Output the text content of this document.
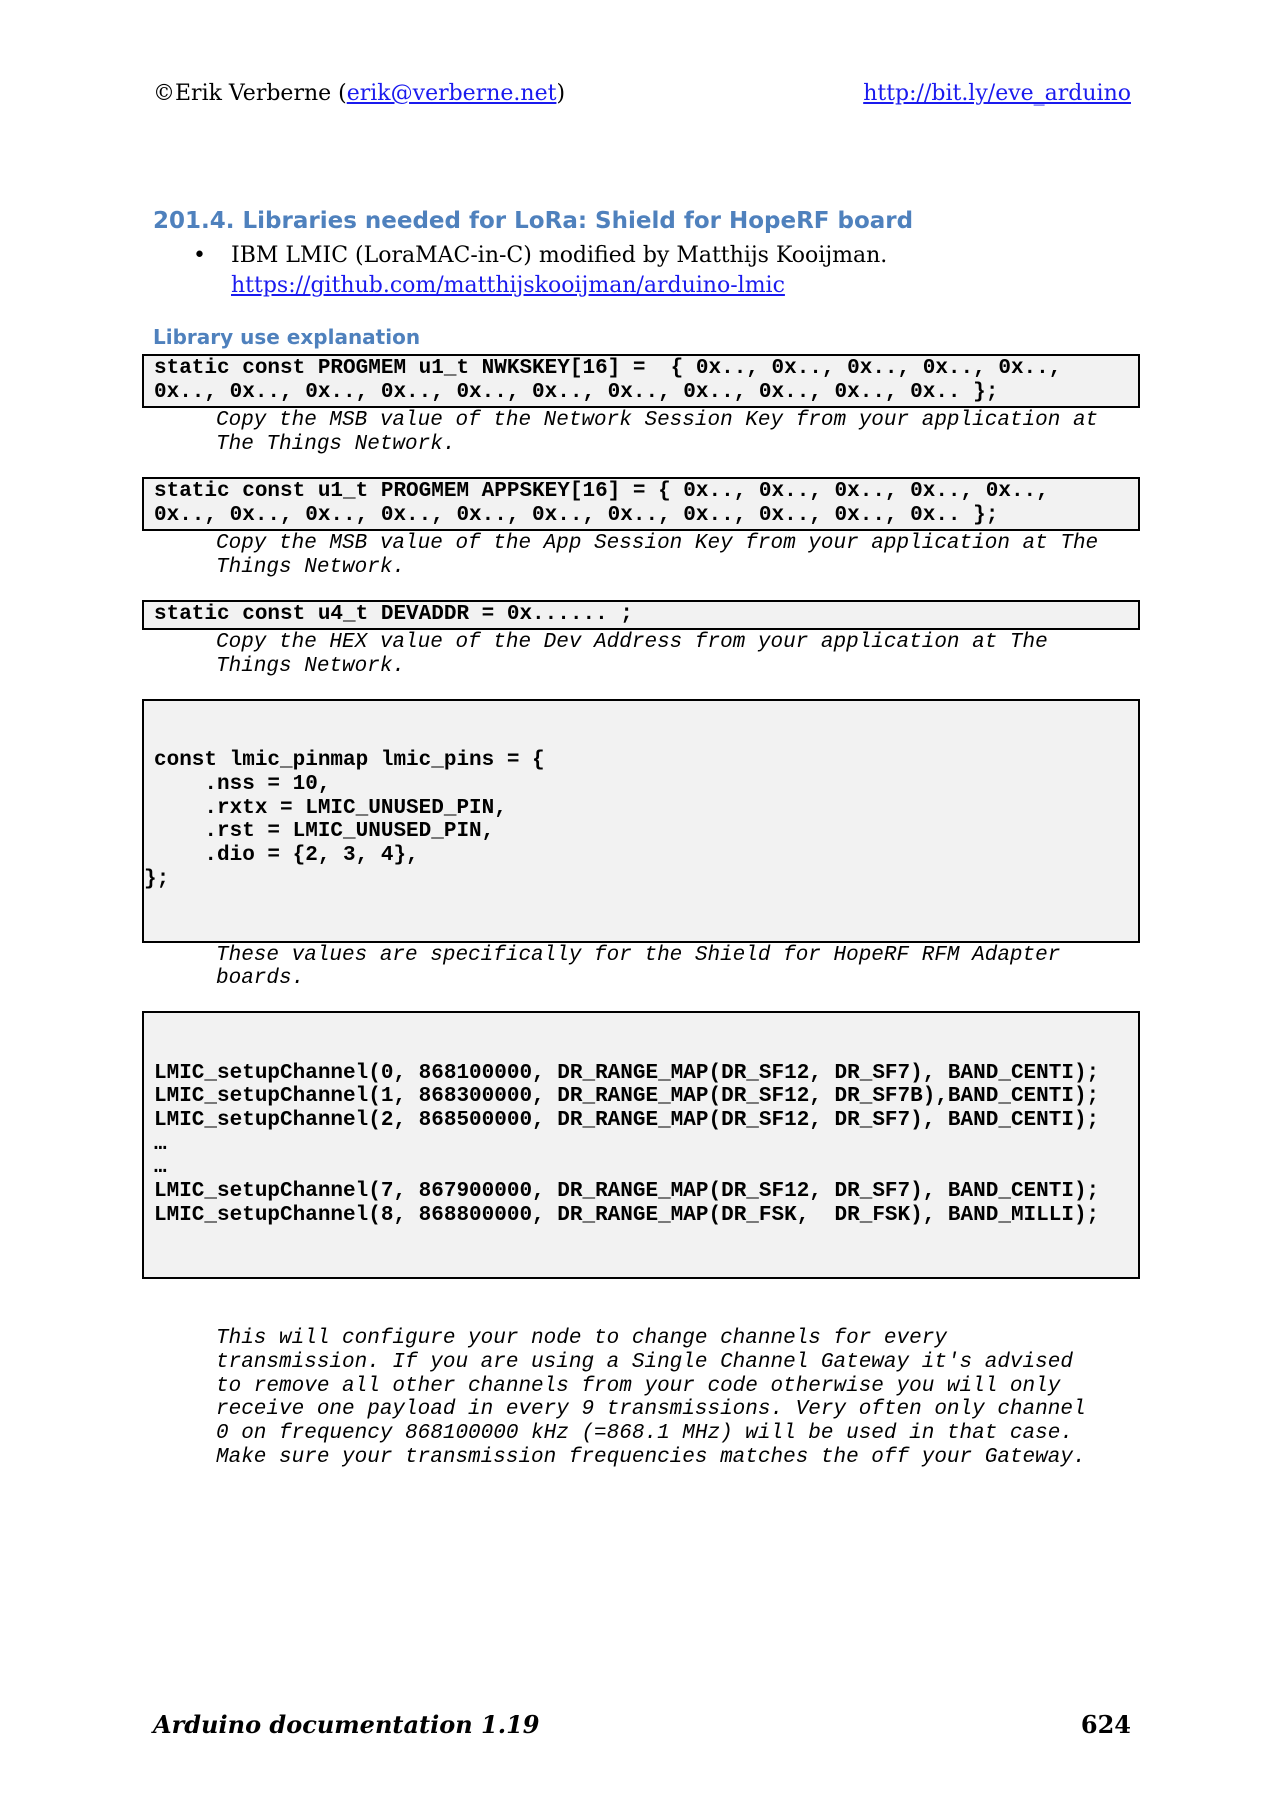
©Erik Verberne (erik@verberne.net)	http://bit.ly/eve_arduino
201.4. Libraries needed for LoRa: Shield for HopeRF board
• IBM LMIC (LoraMAC-in-C) modified by Matthijs Kooijman.
https://github.com/matthijskooijman/arduino-lmic
Library use explanation
static const PROGMEM u1_t NWKSKEY[16] =  { 0x.., 0x.., 0x.., 0x.., 0x..,
0x.., 0x.., 0x.., 0x.., 0x.., 0x.., 0x.., 0x.., 0x.., 0x.., 0x.. };
Copy the MSB value of the Network Session Key from your application at
The Things Network.
static const u1_t PROGMEM APPSKEY[16] = { 0x.., 0x.., 0x.., 0x.., 0x..,
0x.., 0x.., 0x.., 0x.., 0x.., 0x.., 0x.., 0x.., 0x.., 0x.., 0x.. };
Copy the MSB value of the App Session Key from your application at The
Things Network.
static const u4_t DEVADDR = 0x...... ;
Copy the HEX value of the Dev Address from your application at The
Things Network.

const lmic_pinmap lmic_pins = {
.nss = 10,
.rxtx = LMIC_UNUSED_PIN,
.rst = LMIC_UNUSED_PIN,
.dio = {2, 3, 4},
};

These values are specifically for the Shield for HopeRF RFM Adapter
boards.

LMIC_setupChannel(0, 868100000, DR_RANGE_MAP(DR_SF12, DR_SF7), BAND_CENTI);
LMIC_setupChannel(1, 868300000, DR_RANGE_MAP(DR_SF12, DR_SF7B),BAND_CENTI);
LMIC_setupChannel(2, 868500000, DR_RANGE_MAP(DR_SF12, DR_SF7), BAND_CENTI);
…
…
LMIC_setupChannel(7, 867900000, DR_RANGE_MAP(DR_SF12, DR_SF7), BAND_CENTI);
LMIC_setupChannel(8, 868800000, DR_RANGE_MAP(DR_FSK,  DR_FSK), BAND_MILLI);

This will configure your node to change channels for every
transmission. If you are using a Single Channel Gateway it's advised
to remove all other channels from your code otherwise you will only
receive one payload in every 9 transmissions. Very often only channel
0 on frequency 868100000 kHz (=868.1 MHz) will be used in that case.
Make sure your transmission frequencies matches the off your Gateway.

Arduino documentation 1.19	624
